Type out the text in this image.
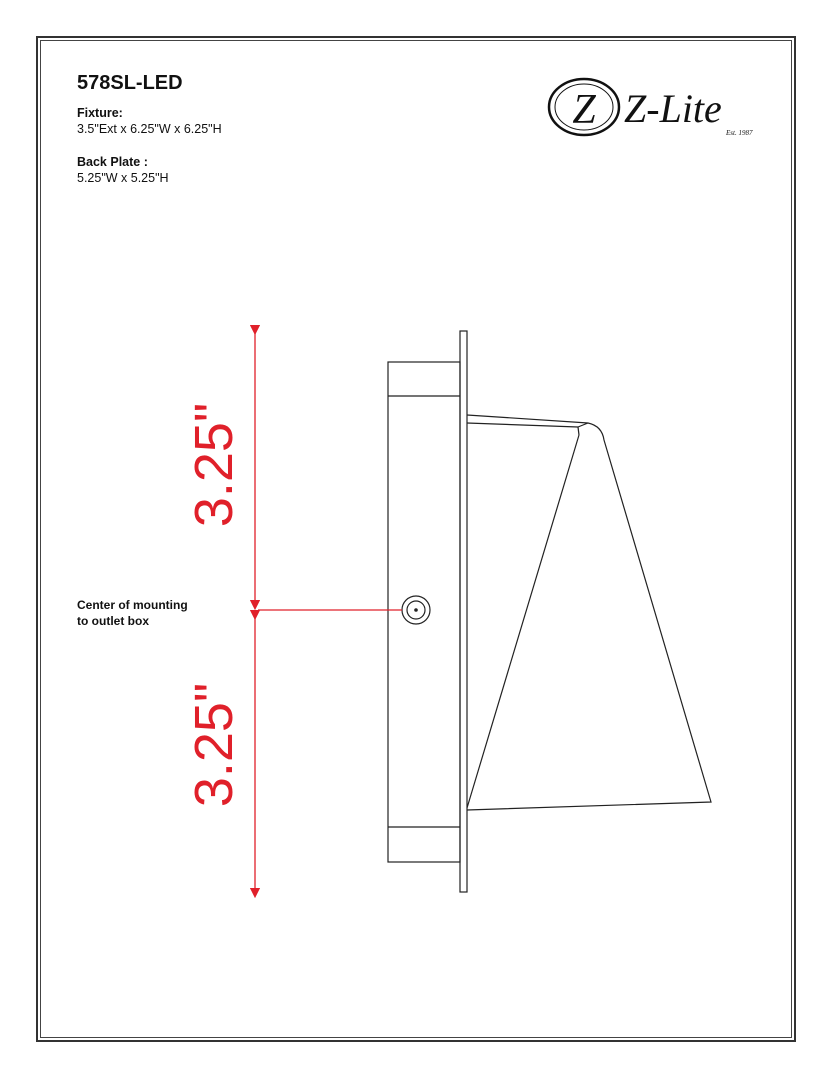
578SL-LED
Fixture:
3.5"Ext x 6.25"W x 6.25"H
Back Plate :
5.25"W x 5.25"H
Center of mounting
to outlet box
Z Z-Lite
Est. 1987
3.25"
3.25"
